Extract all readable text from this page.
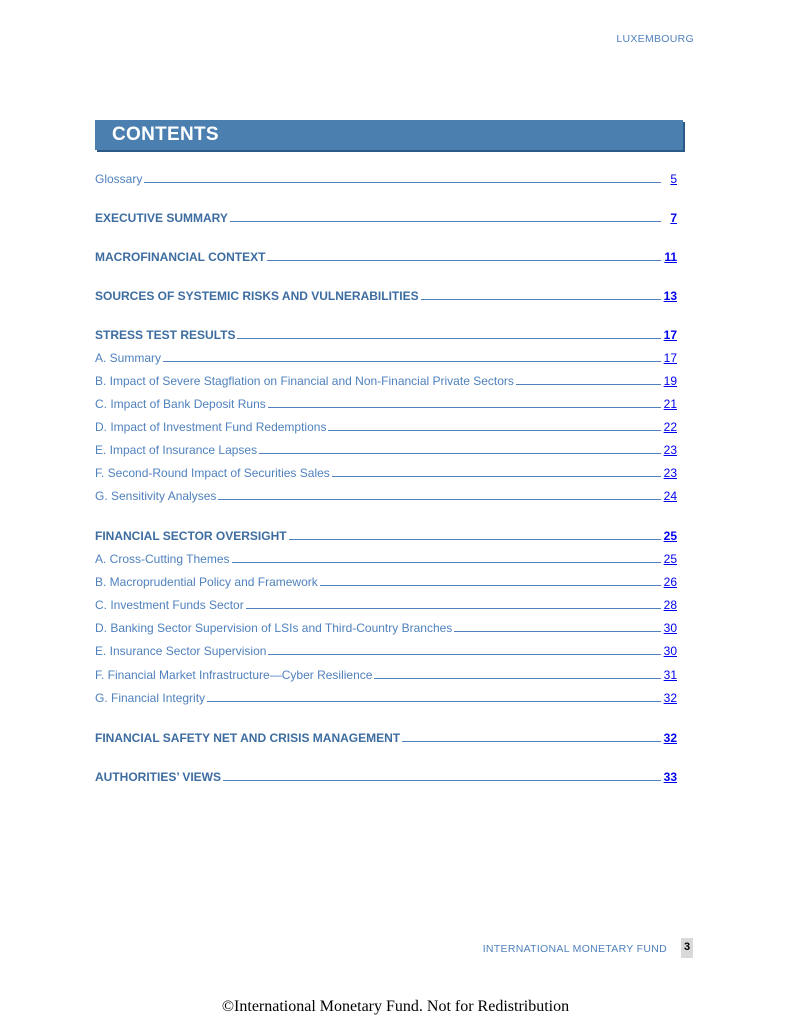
LUXEMBOURG
CONTENTS
Glossary	5
EXECUTIVE SUMMARY	7
MACROFINANCIAL CONTEXT	11
SOURCES OF SYSTEMIC RISKS AND VULNERABILITIES	13
STRESS TEST RESULTS	17
A. Summary	17
B. Impact of Severe Stagflation on Financial and Non-Financial Private Sectors	19
C. Impact of Bank Deposit Runs	21
D. Impact of Investment Fund Redemptions	22
E. Impact of Insurance Lapses	23
F. Second-Round Impact of Securities Sales	23
G. Sensitivity Analyses	24
FINANCIAL SECTOR OVERSIGHT	25
A. Cross-Cutting Themes	25
B. Macroprudential Policy and Framework	26
C. Investment Funds Sector	28
D. Banking Sector Supervision of LSIs and Third-Country Branches	30
E. Insurance Sector Supervision	30
F. Financial Market Infrastructure—Cyber Resilience	31
G. Financial Integrity	32
FINANCIAL SAFETY NET AND CRISIS MANAGEMENT	32
AUTHORITIES’ VIEWS	33
INTERNATIONAL MONETARY FUND 3
©International Monetary Fund. Not for Redistribution
